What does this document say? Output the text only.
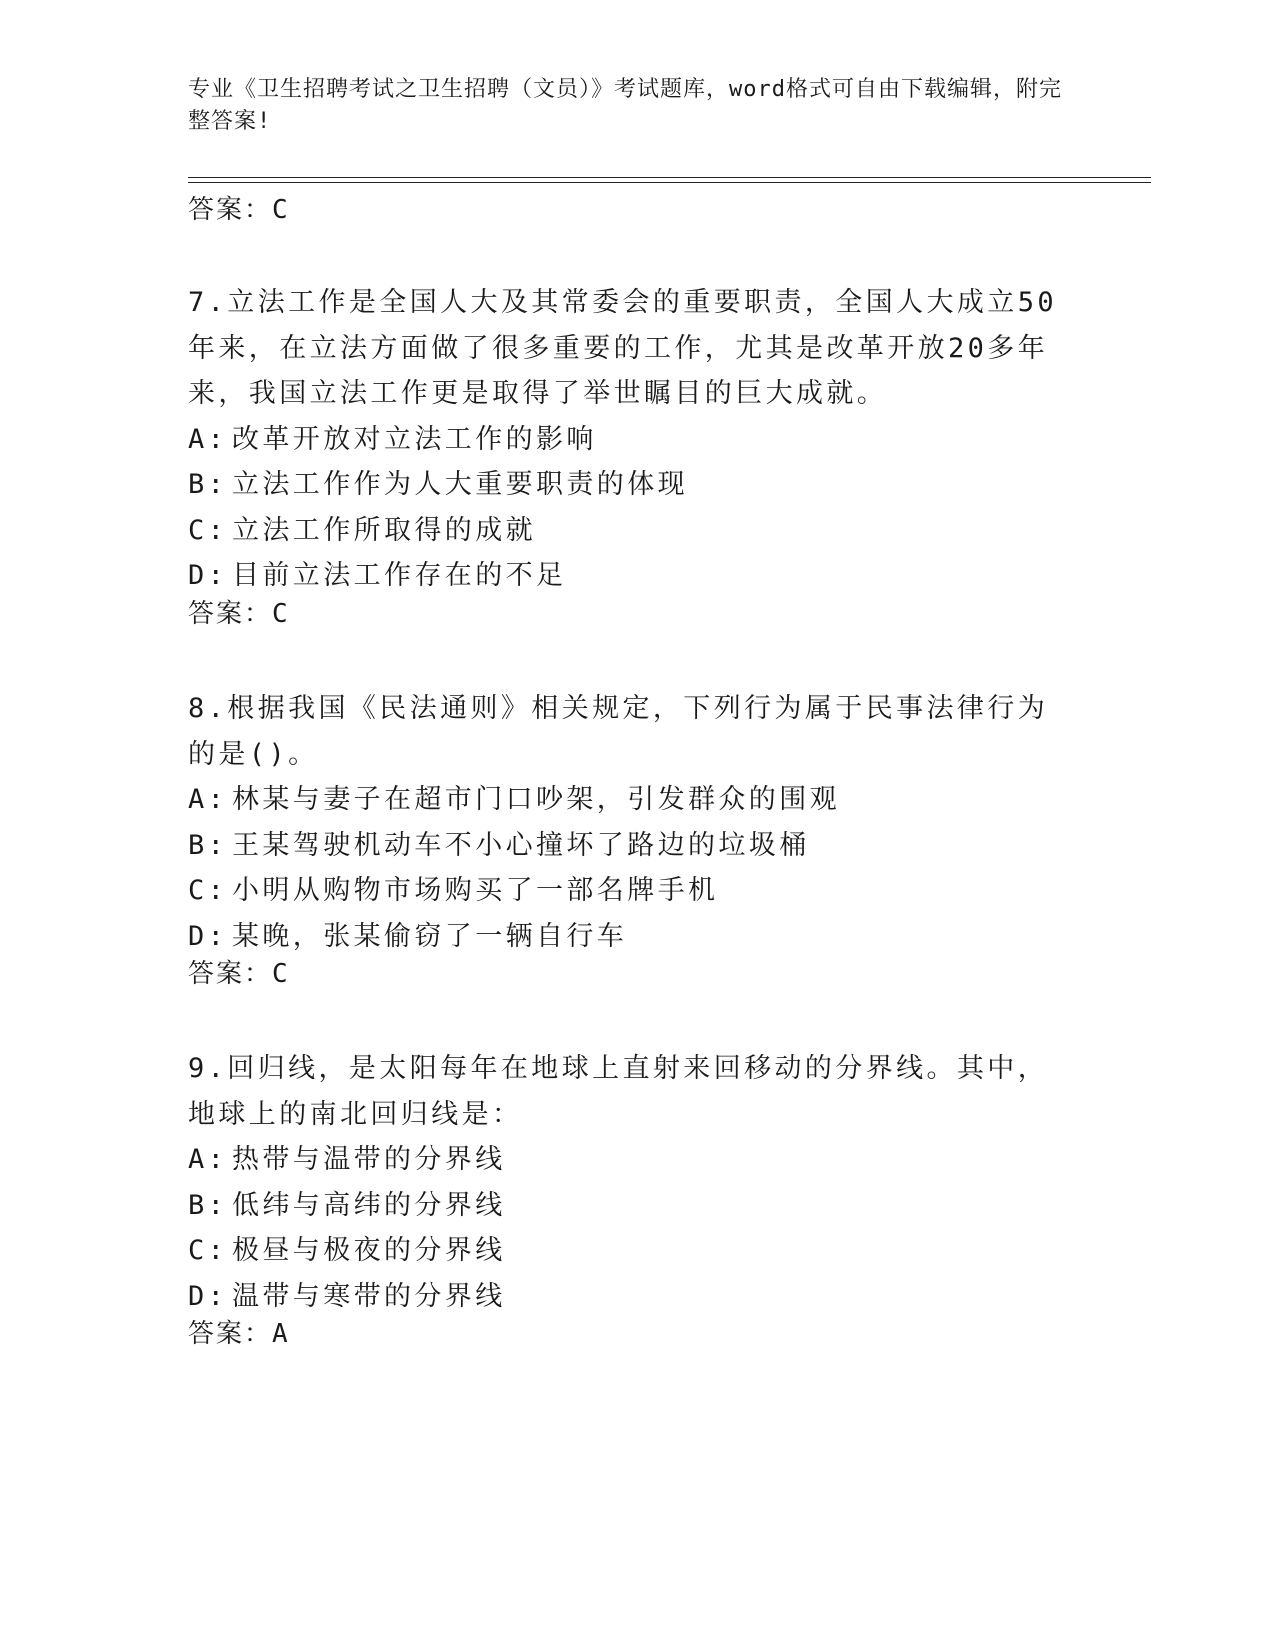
专业《卫生招聘考试之卫生招聘（文员）》考试题库，word格式可自由下载编辑，附完整答案!
答案：C
7.立法工作是全国人大及其常委会的重要职责，全国人大成立50年来，在立法方面做了很多重要的工作，尤其是改革开放20多年来，我国立法工作更是取得了举世瞩目的巨大成就。
A: 改革开放对立法工作的影响
B: 立法工作作为人大重要职责的体现
C: 立法工作所取得的成就
D: 目前立法工作存在的不足
答案：C
8.根据我国《民法通则》相关规定，下列行为属于民事法律行为的是()。
A: 林某与妻子在超市门口吵架，引发群众的围观
B: 王某驾驶机动车不小心撞坏了路边的垃圾桶
C: 小明从购物市场购买了一部名牌手机
D: 某晚，张某偷窃了一辆自行车
答案：C
9.回归线，是太阳每年在地球上直射来回移动的分界线。其中，地球上的南北回归线是：
A: 热带与温带的分界线
B: 低纬与高纬的分界线
C: 极昼与极夜的分界线
D: 温带与寒带的分界线
答案：A
